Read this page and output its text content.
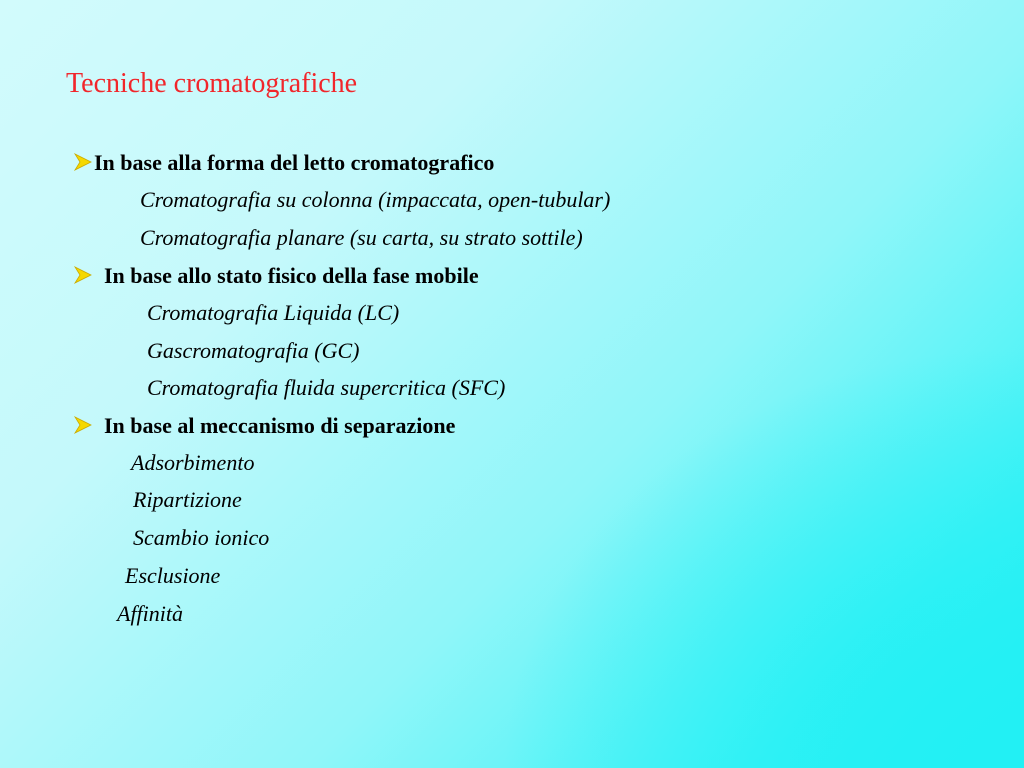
Tecniche cromatografiche
In base alla forma del letto cromatografico
Cromatografia su colonna (impaccata, open-tubular)
Cromatografia planare (su carta, su strato sottile)
In base allo stato fisico della fase mobile
Cromatografia Liquida (LC)
Gascromatografia (GC)
Cromatografia fluida supercritica (SFC)
In base al meccanismo di separazione
Adsorbimento
Ripartizione
Scambio ionico
Esclusione
Affinità
